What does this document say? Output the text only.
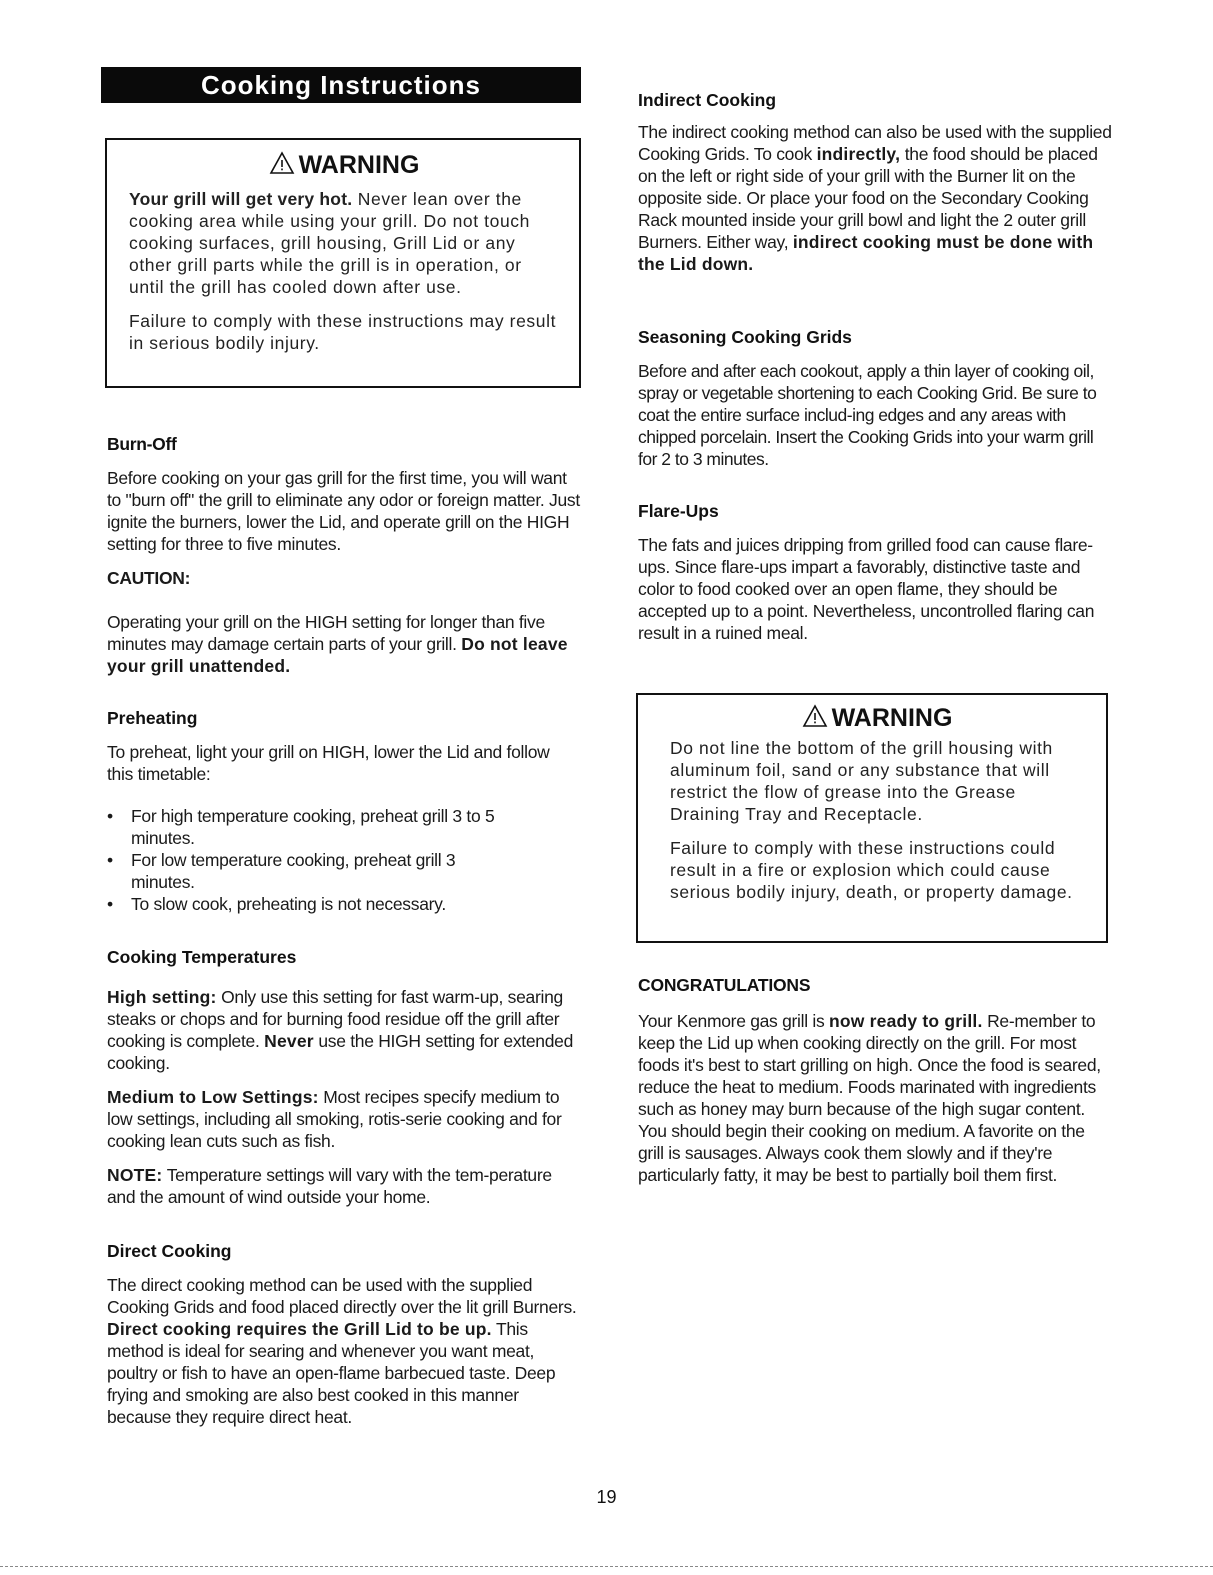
Cooking Instructions
WARNING

Your grill will get very hot. Never lean over the cooking area while using your grill. Do not touch cooking surfaces, grill housing, Grill Lid or any other grill parts while the grill is in operation, or until the grill has cooled down after use.

Failure to comply with these instructions may result in serious bodily injury.

Burn-Off

Before cooking on your gas grill for the first time, you will want to "burn off" the grill to eliminate any odor or foreign matter. Just ignite the burners, lower the Lid, and operate grill on the HIGH setting for three to five minutes.

CAUTION:

Operating your grill on the HIGH setting for longer than five minutes may damage certain parts of your grill. Do not leave your grill unattended.

Preheating

To preheat, light your grill on HIGH, lower the Lid and follow this timetable:

• For high temperature cooking, preheat grill 3 to 5 minutes.
• For low temperature cooking, preheat grill 3 minutes.
• To slow cook, preheating is not necessary.
Cooking Temperatures

High setting: Only use this setting for fast warm-up, searing steaks or chops and for burning food residue off the grill after cooking is complete. Never use the HIGH setting for extended cooking.

Medium to Low Settings: Most recipes specify medium to low settings, including all smoking, rotis-serie cooking and for cooking lean cuts such as fish.

NOTE: Temperature settings will vary with the tem-perature and the amount of wind outside your home.

Direct Cooking

The direct cooking method can be used with the supplied Cooking Grids and food placed directly over the lit grill Burners. Direct cooking requires the Grill Lid to be up. This method is ideal for searing and whenever you want meat, poultry or fish to have an open-flame barbecued taste. Deep frying and smoking are also best cooked in this manner because they require direct heat.

Indirect Cooking

The indirect cooking method can also be used with the supplied Cooking Grids. To cook indirectly, the food should be placed on the left or right side of your grill with the Burner lit on the opposite side. Or place your food on the Secondary Cooking Rack mounted inside your grill bowl and light the 2 outer grill Burners. Either way, indirect cooking must be done with the Lid down.

Seasoning Cooking Grids

Before and after each cookout, apply a thin layer of cooking oil, spray or vegetable shortening to each Cooking Grid. Be sure to coat the entire surface includ-ing edges and any areas with chipped porcelain. Insert the Cooking Grids into your warm grill for 2 to 3 minutes.

Flare-Ups

The fats and juices dripping from grilled food can cause flare-ups. Since flare-ups impart a favorably, distinctive taste and color to food cooked over an open flame, they should be accepted up to a point. Nevertheless, uncontrolled flaring can result in a ruined meal.

WARNING

Do not line the bottom of the grill housing with aluminum foil, sand or any substance that will restrict the flow of grease into the Grease Draining Tray and Receptacle.

Failure to comply with these instructions could result in a fire or explosion which could cause serious bodily injury, death, or property damage.

CONGRATULATIONS

Your Kenmore gas grill is now ready to grill. Re-member to keep the Lid up when cooking directly on the grill. For most foods it's best to start grilling on high. Once the food is seared, reduce the heat to medium. Foods marinated with ingredients such as honey may burn because of the high sugar content. You should begin their cooking on medium. A favorite on the grill is sausages. Always cook them slowly and if they're particularly fatty, it may be best to partially boil them first.

19
